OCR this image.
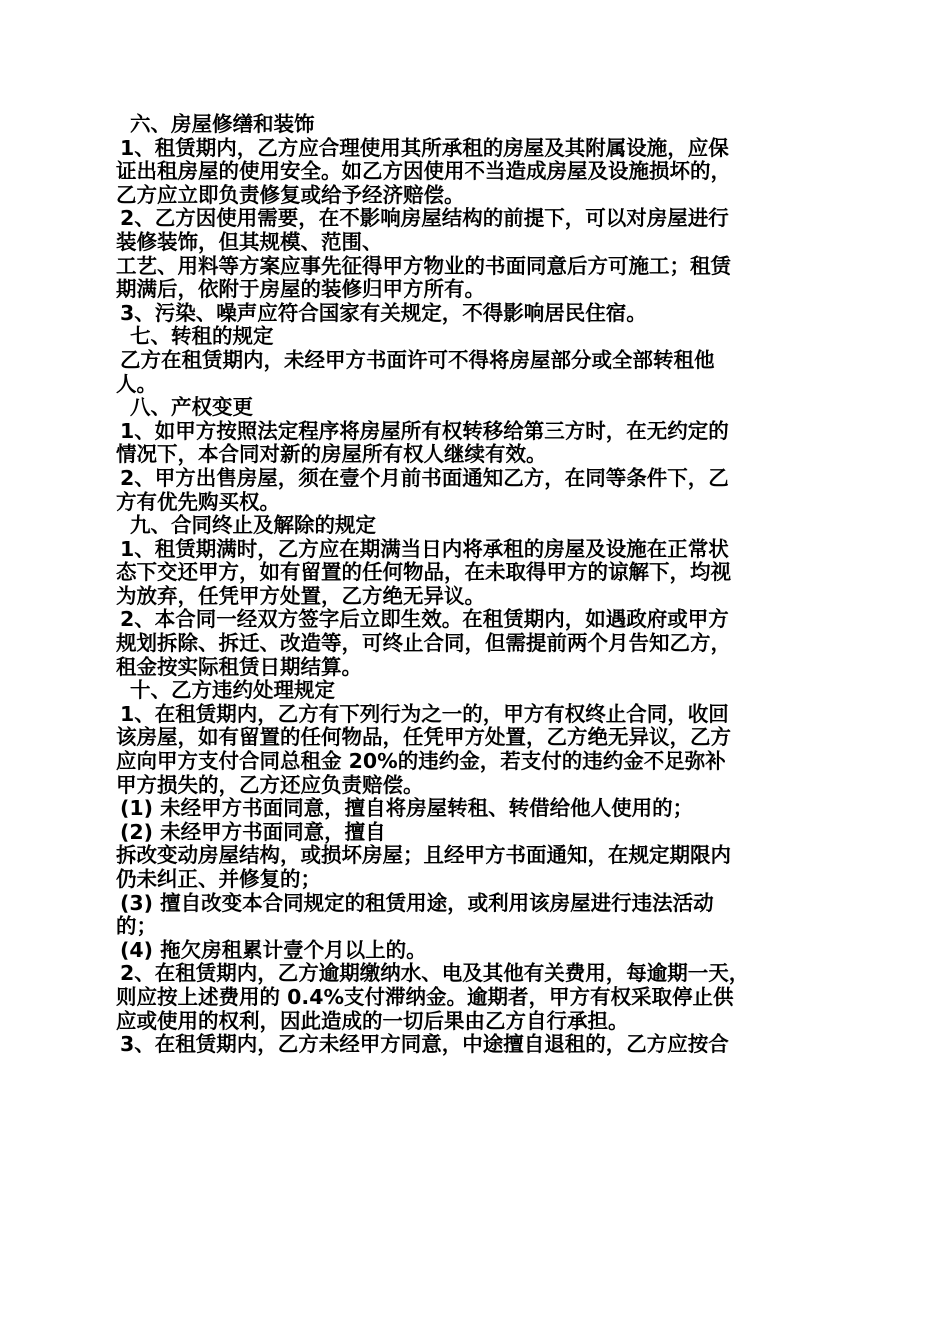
六、房屋修缮和装饰
1、租赁期内，乙方应合理使用其所承租的房屋及其附属设施，应保
证出租房屋的使用安全。如乙方因使用不当造成房屋及设施损坏的，
乙方应立即负责修复或给予经济赔偿。
2、乙方因使用需要，在不影响房屋结构的前提下，可以对房屋进行
装修装饰，但其规模、范围、
工艺、用料等方案应事先征得甲方物业的书面同意后方可施工；租赁
期满后，依附于房屋的装修归甲方所有。
3、污染、噪声应符合国家有关规定，不得影响居民住宿。
七、转租的规定
乙方在租赁期内，未经甲方书面许可不得将房屋部分或全部转租他
人。
八、产权变更
1、如甲方按照法定程序将房屋所有权转移给第三方时，在无约定的
情况下，本合同对新的房屋所有权人继续有效。
2、甲方出售房屋，须在壹个月前书面通知乙方，在同等条件下，乙
方有优先购买权。
九、合同终止及解除的规定
1、租赁期满时，乙方应在期满当日内将承租的房屋及设施在正常状
态下交还甲方，如有留置的任何物品，在未取得甲方的谅解下，均视
为放弃，任凭甲方处置，乙方绝无异议。
2、本合同一经双方签字后立即生效。在租赁期内，如遇政府或甲方
规划拆除、拆迁、改造等，可终止合同，但需提前两个月告知乙方，
租金按实际租赁日期结算。
十、乙方违约处理规定
1、在租赁期内，乙方有下列行为之一的，甲方有权终止合同，收回
该房屋，如有留置的任何物品，任凭甲方处置，乙方绝无异议，乙方
应向甲方支付合同总租金 20%的违约金，若支付的违约金不足弥补
甲方损失的，乙方还应负责赔偿。
(1) 未经甲方书面同意，擅自将房屋转租、转借给他人使用的；
(2) 未经甲方书面同意，擅自
拆改变动房屋结构，或损坏房屋；且经甲方书面通知，在规定期限内
仍未纠正、并修复的；
(3) 擅自改变本合同规定的租赁用途，或利用该房屋进行违法活动
的；
(4) 拖欠房租累计壹个月以上的。
2、在租赁期内，乙方逾期缴纳水、电及其他有关费用，每逾期一天，
则应按上述费用的 0.4%支付滞纳金。逾期者，甲方有权采取停止供
应或使用的权利，因此造成的一切后果由乙方自行承担。
3、在租赁期内，乙方未经甲方同意，中途擅自退租的，乙方应按合
